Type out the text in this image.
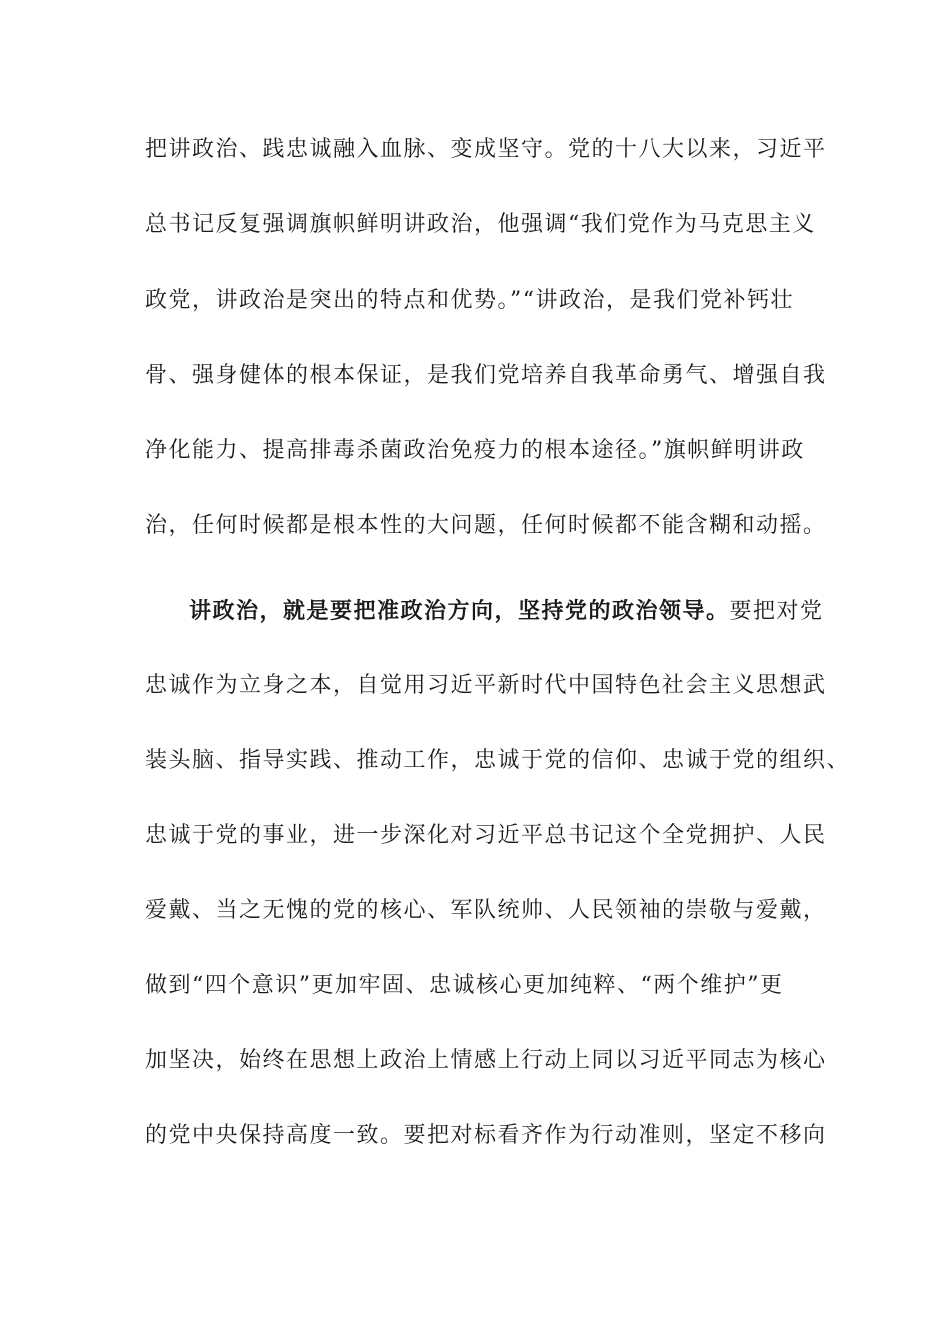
把讲政治、践忠诚融入血脉、变成坚守。党的十八大以来，习近平
总书记反复强调旗帜鲜明讲政治，他强调“我们党作为马克思主义
政党，讲政治是突出的特点和优势。”“讲政治，是我们党补钙壮
骨、强身健体的根本保证，是我们党培养自我革命勇气、增强自我
净化能力、提高排毒杀菌政治免疫力的根本途径。”旗帜鲜明讲政
治，任何时候都是根本性的大问题，任何时候都不能含糊和动摇。
讲政治，就是要把准政治方向，坚持党的政治领导。要把对党
忠诚作为立身之本，自觉用习近平新时代中国特色社会主义思想武
装头脑、指导实践、推动工作，忠诚于党的信仰、忠诚于党的组织、
忠诚于党的事业，进一步深化对习近平总书记这个全党拥护、人民
爱戴、当之无愧的党的核心、军队统帅、人民领袖的崇敬与爱戴，
做到“四个意识”更加牢固、忠诚核心更加纯粹、“两个维护”更
加坚决，始终在思想上政治上情感上行动上同以习近平同志为核心
的党中央保持高度一致。要把对标看齐作为行动准则，坚定不移向
